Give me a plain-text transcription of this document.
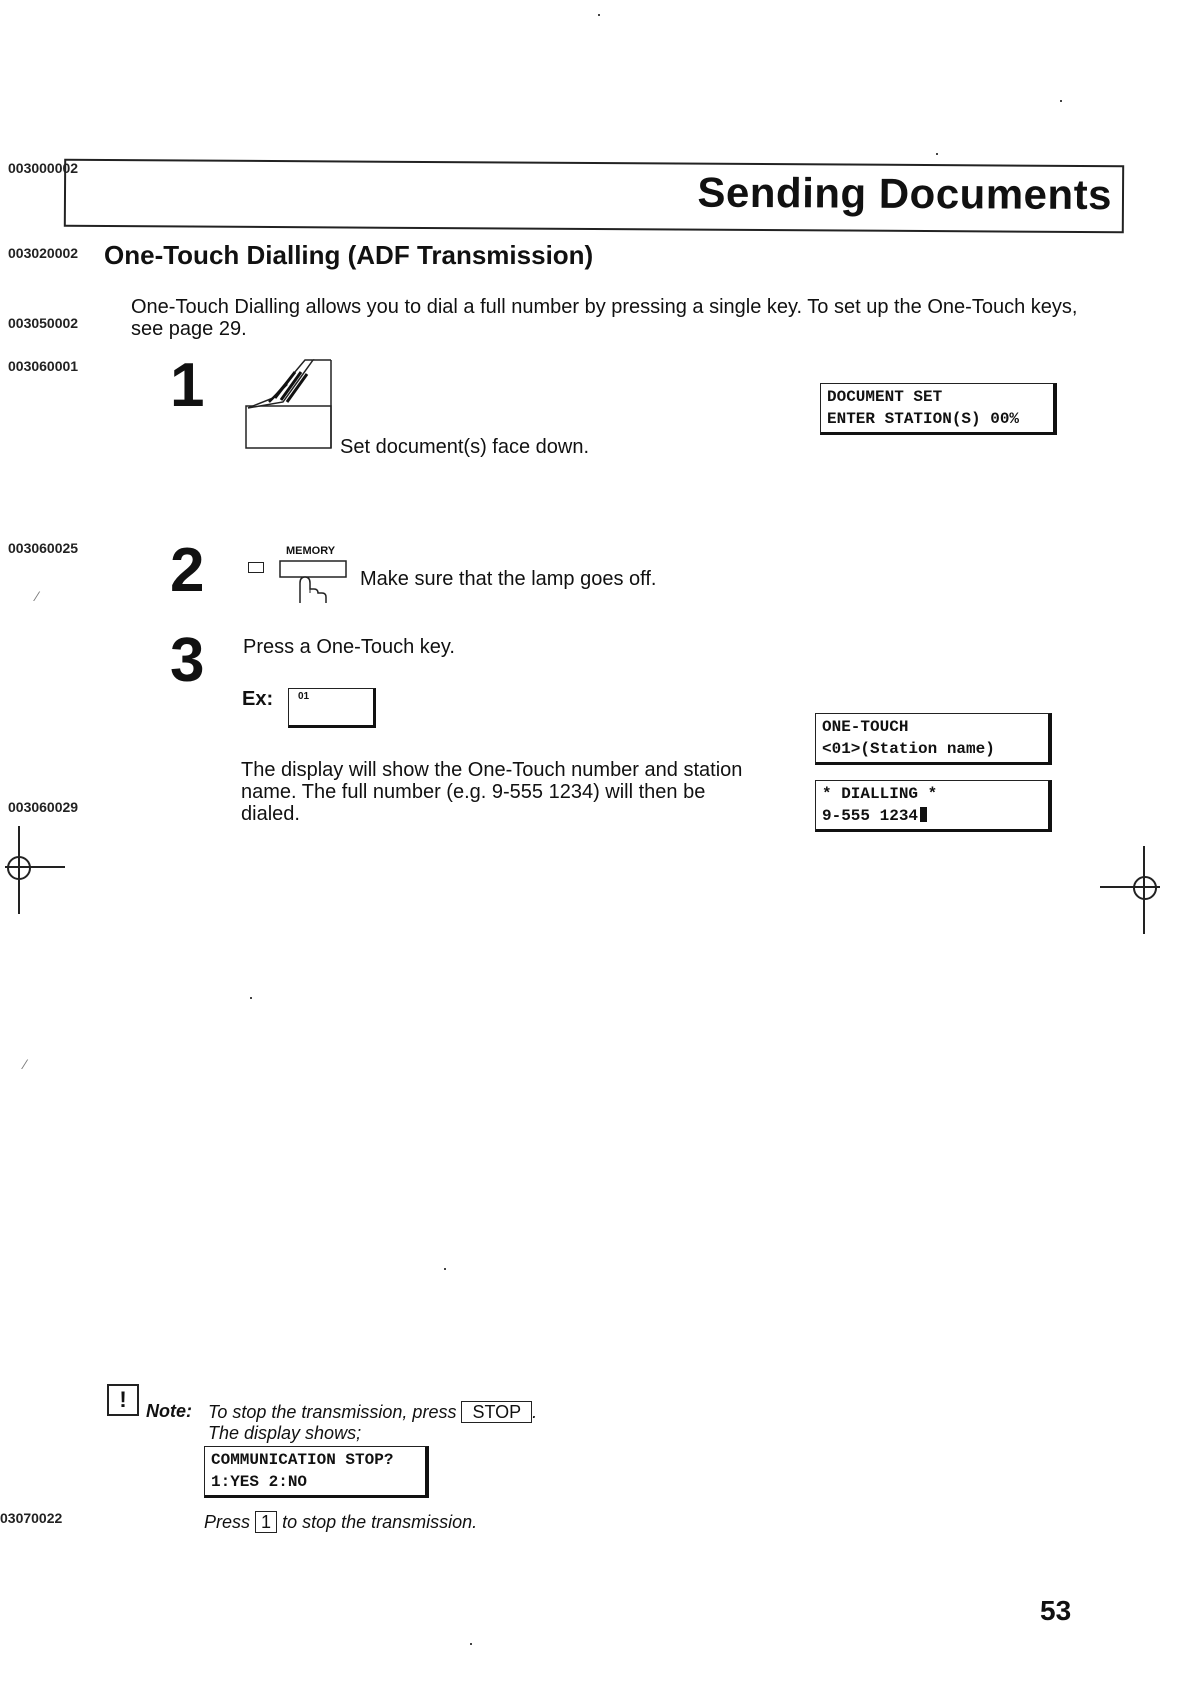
003000002
003020002
003050002
003060001
003060025
003060029
03070022
Sending Documents
One-Touch Dialling (ADF Transmission)
One-Touch Dialling allows you to dial a full number by pressing a single key. To set up the One-Touch keys,
see page 29.
1
Set document(s) face down.
DOCUMENT SET
ENTER STATION(S) 00%
2	MEMORY
Make sure that the lamp goes off.
3 Press a One-Touch key.
Ex: 01
The display will show the One-Touch number and station
name. The full number (e.g. 9-555 1234) will then be
dialed.
ONE-TOUCH
<01>(Station name)
* DIALLING *
9-555 1234
⁄
⁄
!	Note: To stop the transmission, press STOP .
The display shows;
COMMUNICATION STOP?
1:YES 2:NO
Press 1 to stop the transmission.
53
